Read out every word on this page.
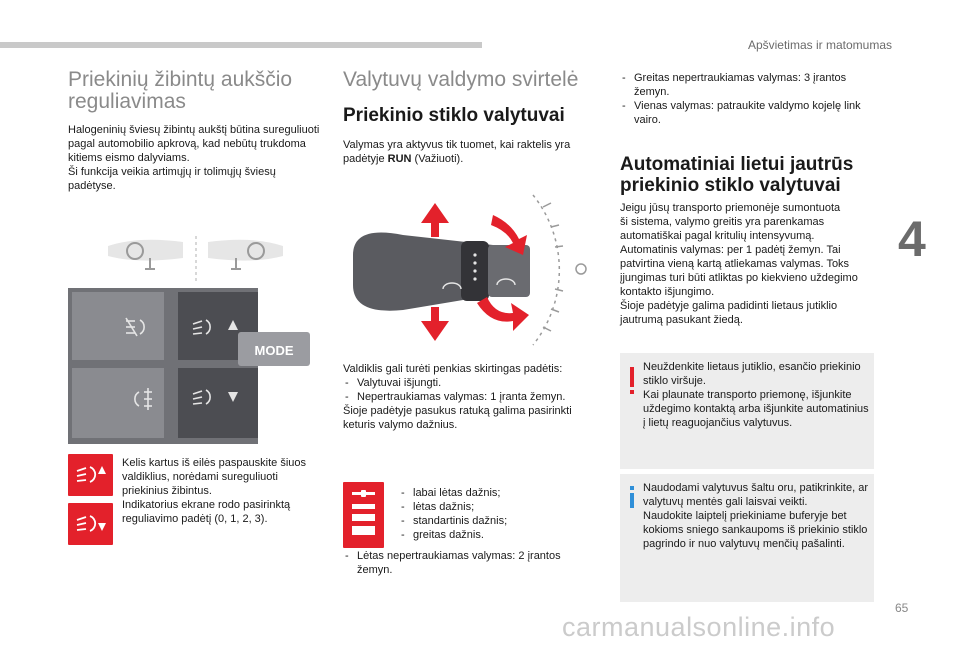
Apšvietimas ir matomumas
4
Priekinių žibintų aukščio
reguliavimas

Halogeninių šviesų žibintų aukštį būtina sureguliuoti

pagal automobilio apkrovą, kad nebūtų trukdoma

kitiems eismo dalyviams.

Ši funkcija veikia artimųjų ir tolimųjų šviesų

padėtyse.

MODE

Kelis kartus iš eilės paspauskite šiuos

valdiklius, norėdami sureguliuoti

priekinius žibintus.

Indikatorius ekrane rodo pasirinktą

reguliavimo padėtį (0, 1, 2, 3).

Valytuvų valdymo svirtelė
Priekinio stiklo valytuvai

Valymas yra aktyvus tik tuomet, kai raktelis yra

padėtyje RUN (Važiuoti).

Valdiklis gali turėti penkias skirtingas padėtis:

- Valytuvai išjungti.
- Nepertraukiamas valymas: 1 įranta žemyn.

Šioje padėtyje pasukus ratuką galima pasirinkti

keturis valymo dažnius.

- labai lėtas dažnis;
- lėtas dažnis;
- standartinis dažnis;
- greitas dažnis.
- Lėtas nepertraukiamas valymas: 2 įrantos
žemyn.
- Greitas nepertraukiamas valymas: 3 įrantos
žemyn.
- Vienas valymas: patraukite valdymo kojelę link
vairo.
Automatiniai lietui jautrūs
priekinio stiklo valytuvai

Jeigu jūsų transporto priemonėje sumontuota

ši sistema, valymo greitis yra parenkamas

automatiškai pagal kritulių intensyvumą.

Automatinis valymas: per 1 padėtį žemyn. Tai

patvirtina vieną kartą atliekamas valymas. Toks

įjungimas turi būti atliktas po kiekvieno uždegimo

kontakto išjungimo.

Šioje padėtyje galima padidinti lietaus jutiklio

jautrumą pasukant žiedą.

Neuždenkite lietaus jutiklio, esančio priekinio

stiklo viršuje.

Kai plaunate transporto priemonę, išjunkite

uždegimo kontaktą arba išjunkite automatinius

į lietų reaguojančius valytuvus.

Naudodami valytuvus šaltu oru, patikrinkite, ar

valytuvų mentės gali laisvai veikti.

Naudokite laiptelį priekiniame buferyje bet

kokioms sniego sankaupoms iš priekinio stiklo

pagrindo ir nuo valytuvų menčių pašalinti.

65
carmanualsonline.info
